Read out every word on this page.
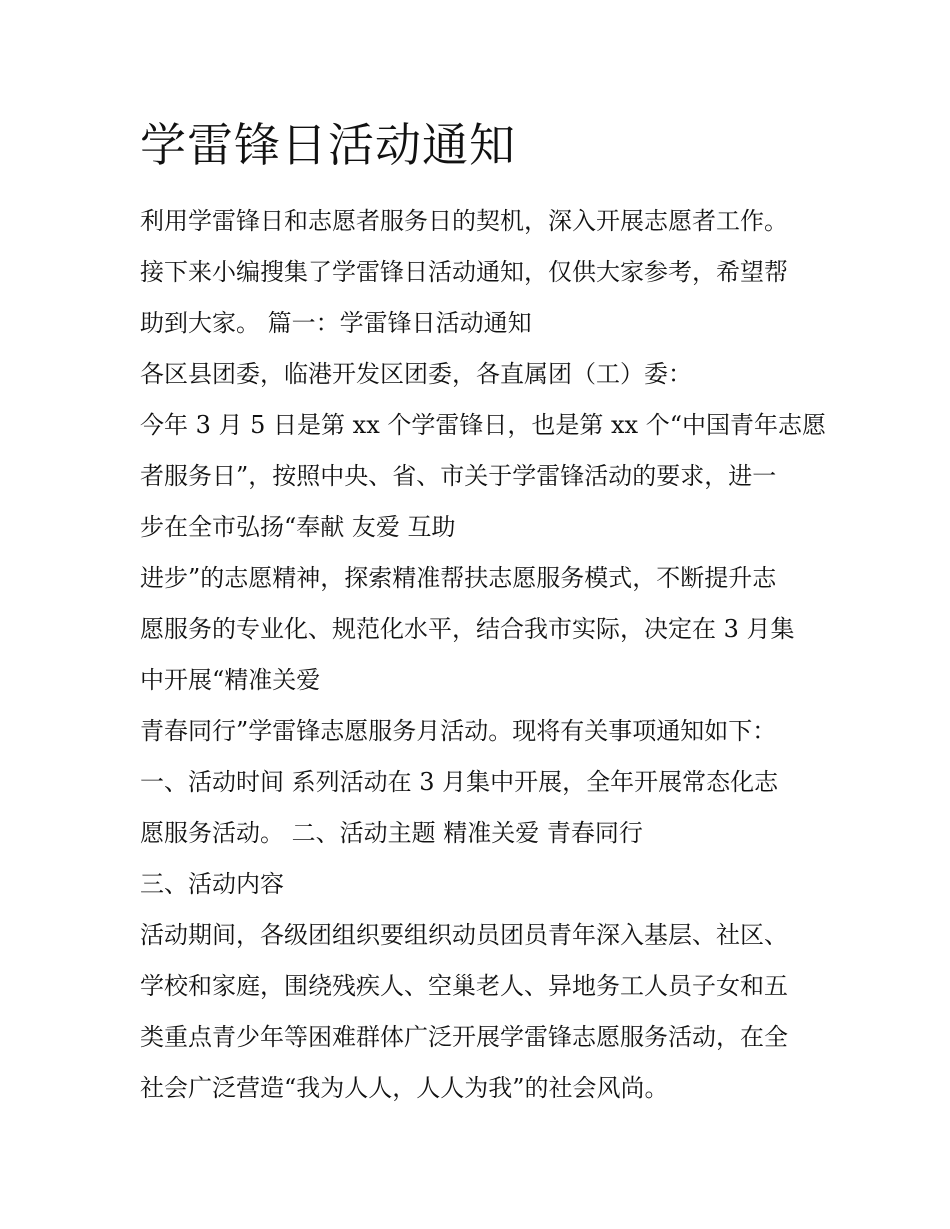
学雷锋日活动通知
利用学雷锋日和志愿者服务日的契机，深入开展志愿者工作。
接下来小编搜集了学雷锋日活动通知，仅供大家参考，希望帮
助到大家。 篇一：学雷锋日活动通知
各区县团委，临港开发区团委，各直属团（工）委：
今年 3 月 5 日是第 xx 个学雷锋日，也是第 xx 个“中国青年志愿
者服务日”，按照中央、省、市关于学雷锋活动的要求，进一
步在全市弘扬“奉献 友爱 互助
进步”的志愿精神，探索精准帮扶志愿服务模式，不断提升志
愿服务的专业化、规范化水平，结合我市实际，决定在 3 月集
中开展“精准关爱
青春同行”学雷锋志愿服务月活动。现将有关事项通知如下：
一、活动时间 系列活动在 3 月集中开展，全年开展常态化志
愿服务活动。 二、活动主题 精准关爱 青春同行
三、活动内容
活动期间，各级团组织要组织动员团员青年深入基层、社区、
学校和家庭，围绕残疾人、空巢老人、异地务工人员子女和五
类重点青少年等困难群体广泛开展学雷锋志愿服务活动，在全
社会广泛营造“我为人人，人人为我”的社会风尚。
